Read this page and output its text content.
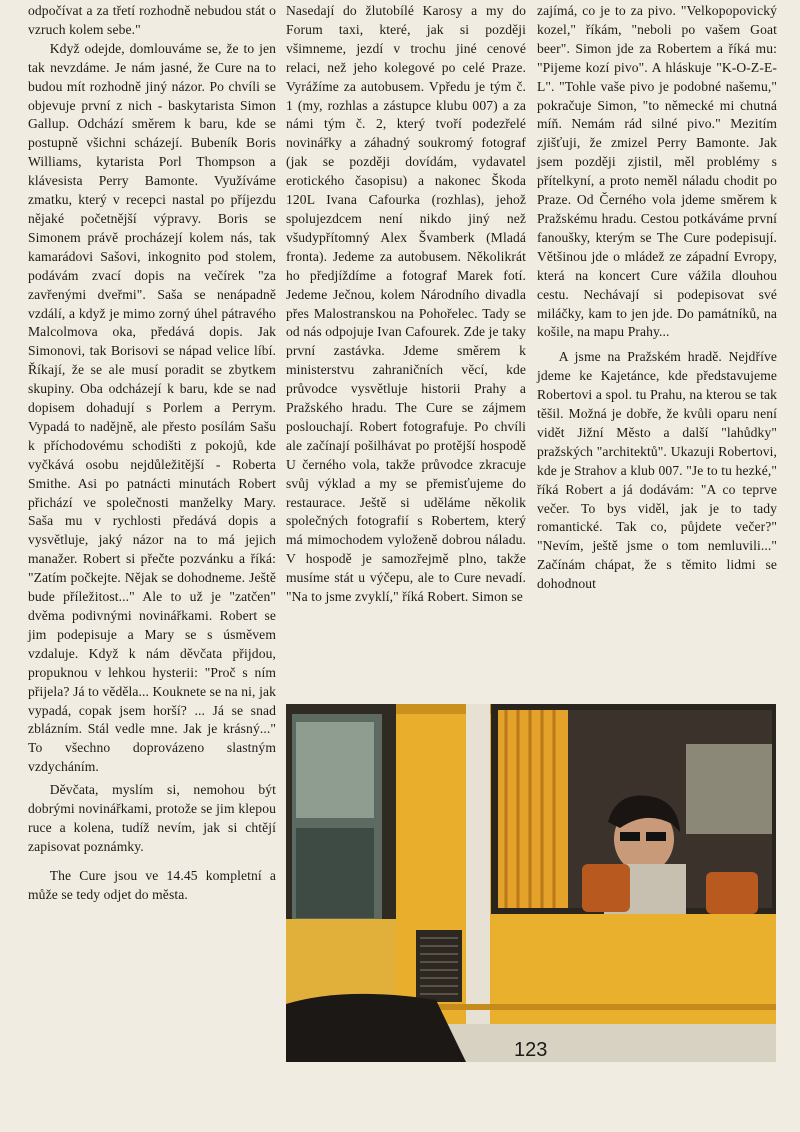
odpočívat a za třetí rozhodně nebudou stát o vzruch kolem sebe."

Když odejde, domlouváme se, že to jen tak nevzdáme. Je nám jasné, že Cure na to budou mít rozhodně jiný názor. Po chvíli se objevuje první z nich - baskytarista Simon Gallup. Odchází směrem k baru, kde se postupně všichni scházejí. Bubeník Boris Williams, kytarista Porl Thompson a klávesista Perry Bamonte. Využíváme zmatku, který v recepci nastal po příjezdu nějaké početnější výpravy. Boris se Simonem právě procházejí kolem nás, tak kamarádovi Sašovi, inkognito pod stolem, podávám zvací dopis na večírek "za zavřenými dveřmi". Saša se nenápadně vzdálí, a když je mimo zorný úhel pátravého Malcolmova oka, předává dopis. Jak Simonovi, tak Borisovi se nápad velice líbí. Říkají, že se ale musí poradit se zbytkem skupiny. Oba odcházejí k baru, kde se nad dopisem dohadují s Porlem a Perrym. Vypadá to nadějně, ale přesto posílám Sašu k příchodovému schodišti z pokojů, kde vyčkává osobu nejdůležitější - Roberta Smithe. Asi po patnácti minutách Robert přichází ve společnosti manželky Mary. Saša mu v rychlosti předává dopis a vysvětluje, jaký názor na to má jejich manažer. Robert si přečte pozvánku a říká: "Zatím počkejte. Nějak se dohodneme. Ještě bude příležitost..." Ale to už je "zatčen" dvěma podivnými novinářkami. Robert se jim podepisuje a Mary se s úsměvem vzdaluje. Když k nám děvčata přijdou, propuknou v lehkou hysterii: "Proč s ním přijela? Já to věděla... Kouknete se na ni, jak vypadá, copak jsem horší? ... Já se snad zblázním. Stál vedle mne. Jak je krásný..." To všechno doprovázeno slastným vzdycháním.

Děvčata, myslím si, nemohou být dobrými novinářkami, protože se jim klepou ruce a kolena, tudíž nevím, jak si chtějí zapisovat poznámky.

The Cure jsou ve 14.45 kompletní a může se tedy odjet do města.

Nasedají do žlutobílé Karosy a my do Forum taxi, které, jak si později všimneme, jezdí v trochu jiné cenové relaci, než jeho kolegové po celé Praze. Vyrážíme za autobusem. Vpředu je tým č. 1 (my, rozhlas a zástupce klubu 007) a za námi tým č. 2, který tvoří podezřelé novinářky a záhadný soukromý fotograf (jak se později dovídám, vydavatel erotického časopisu) a nakonec Škoda 120L Ivana Cafourka (rozhlas), jehož spolujezdcem není nikdo jiný než všudypřítomný Alex Švamberk (Mladá fronta). Jedeme za autobusem. Několikrát ho předjíždíme a fotograf Marek fotí. Jedeme Ječnou, kolem Národního divadla přes Malostranskou na Pohořelec. Tady se od nás odpojuje Ivan Cafourek. Zde je taky první zastávka. Jdeme směrem k ministerstvu zahraničních věcí, kde průvodce vysvětluje historii Prahy a Pražského hradu. The Cure se zájmem poslouchají. Robert fotografuje. Po chvíli ale začínají pošilhávat po protější hospodě U černého vola, takže průvodce zkracuje svůj výklad a my se přemisťujeme do restaurace. Ještě si uděláme několik společných fotografií s Robertem, který má mimochodem vyloženě dobrou náladu. V hospodě je samozřejmě plno, takže musíme stát u výčepu, ale to Cure nevadí. "Na to jsme zvyklí," říká Robert. Simon se

zajímá, co je to za pivo. "Velkopopovický kozel," říkám, "neboli po vašem Goat beer". Simon jde za Robertem a říká mu: "Pijeme kozí pivo". A hláskuje "K-O-Z-E-L". "Tohle vaše pivo je podobné našemu," pokračuje Simon, "to německé mi chutná míň. Nemám rád silné pivo." Mezitím zjišťuji, že zmizel Perry Bamonte. Jak jsem později zjistil, měl problémy s přítelkyní, a proto neměl náladu chodit po Praze. Od Černého vola jdeme směrem k Pražskému hradu. Cestou potkáváme první fanoušky, kterým se The Cure podepisují. Většinou jde o mládež ze západní Evropy, která na koncert Cure vážila dlouhou cestu. Nechávají si podepisovat své miláčky, kam to jen jde. Do památníků, na košile, na mapu Prahy...

A jsme na Pražském hradě. Nejdříve jdeme ke Kajetánce, kde představujeme Robertovi a spol. tu Prahu, na kterou se tak těšil. Možná je dobře, že kvůli oparu není vidět Jižní Město a další "lahůdky" pražských "architektů". Ukazuji Robertovi, kde je Strahov a klub 007. "Je to tu hezké," říká Robert a já dodávám: "A co teprve večer. To bys viděl, jak je to tady romantické. Tak co, půjdete večer?" "Nevím, ještě jsme o tom nemluvili..." Začínám chápat, že s těmito lidmi se dohodnout

123
